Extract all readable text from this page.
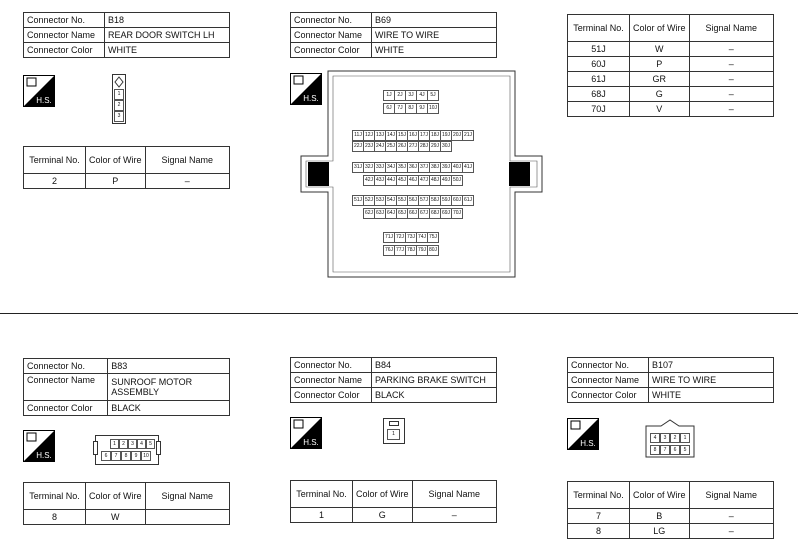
Connector No.	B18
Connector Name	REAR DOOR SWITCH LH
Connector Color	WHITE
H.S.
1
2
3
Terminal No.	Color of Wire	Signal Name
2	P	–
Connector No.	B69
Connector Name	WIRE TO WIRE
Connector Color	WHITE
H.S.	1J	2J	3J	4J	5J
6J	7J	8J	9J 10J
11J 12J 13J 14J 15J 16J 17J 18J 19J 20J 21J
22J 23J 24J 25J 26J 27J 28J 29J 30J
31J 32J 33J 34J 35J 36J 37J 38J 39J 40J 41J
42J 43J 44J 45J 46J 47J 48J 49J 50J
51J 52J 53J 54J 55J 56J 57J 58J 59J 60J 61J
62J 63J 64J 65J 66J 67J 68J 69J 70J
71J 72J 73J 74J 75J
76J 77J 78J 79J 80J
Terminal No.	Color of Wire	Signal Name
51J	W	–
60J	P	–
61J	GR	–
68J	G	–
70J	V	–
Connector No.	B83
Connector Name	SUNROOF MOTOR ASSEMBLY
Connector Color	BLACK
H.S.
1	2	3	4	5
6	7	8	9	10
Terminal No.	Color of Wire	Signal Name
8	W	
Connector No.	B84
Connector Name	PARKING BRAKE SWITCH
Connector Color	BLACK
H.S.
1
Terminal No.	Color of Wire	Signal Name
1	G	–
Connector No.	B107
Connector Name	WIRE TO WIRE
Connector Color	WHITE
H.S.
4	3	2	1
8	7	6	5
Terminal No.	Color of Wire	Signal Name
7	B	–
8	LG	–
